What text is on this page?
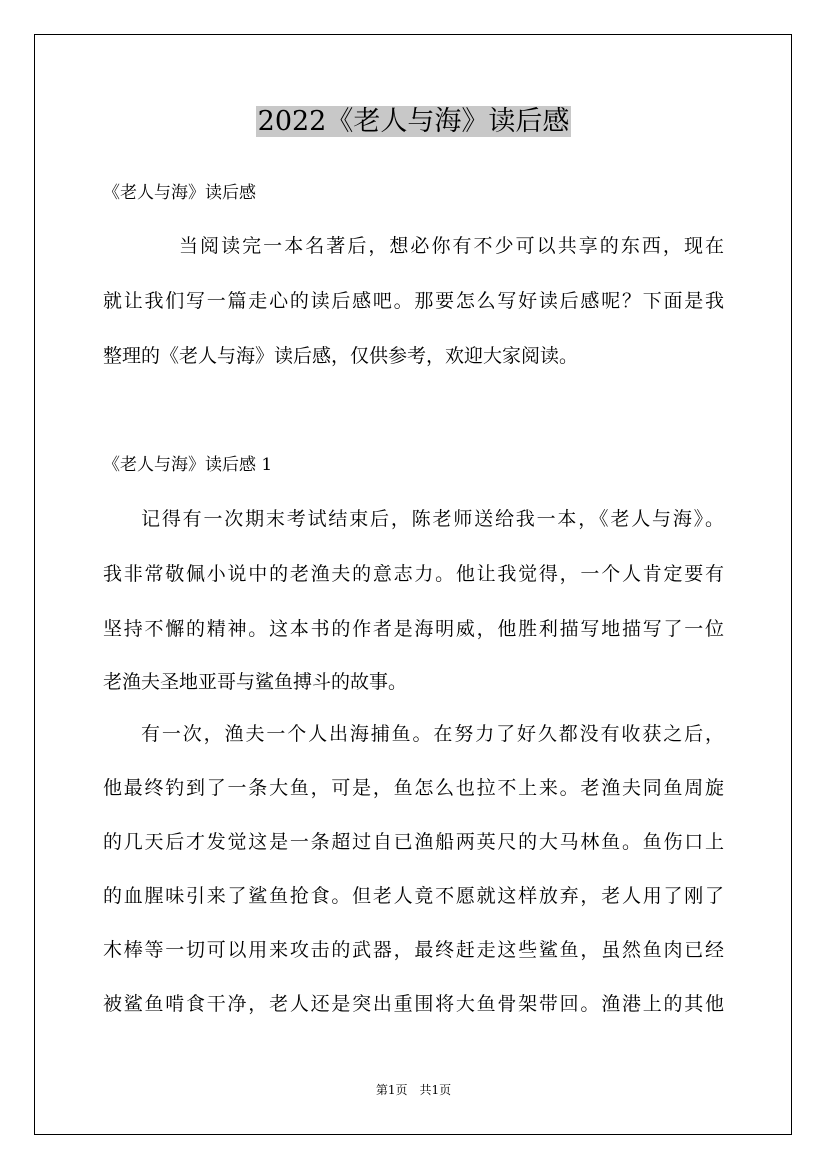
2022《老人与海》读后感
《老人与海》读后感
当阅读完一本名著后，想必你有不少可以共享的东西，现在
就让我们写一篇走心的读后感吧。那要怎么写好读后感呢？下面是我
整理的《老人与海》读后感，仅供参考，欢迎大家阅读。
《老人与海》读后感 1
记得有一次期末考试结束后，陈老师送给我一本，《老人与海》。
我非常敬佩小说中的老渔夫的意志力。他让我觉得，一个人肯定要有
坚持不懈的精神。这本书的作者是海明威，他胜利描写地描写了一位
老渔夫圣地亚哥与鲨鱼搏斗的故事。
有一次，渔夫一个人出海捕鱼。在努力了好久都没有收获之后，
他最终钓到了一条大鱼，可是，鱼怎么也拉不上来。老渔夫同鱼周旋
的几天后才发觉这是一条超过自已渔船两英尺的大马林鱼。鱼伤口上
的血腥味引来了鲨鱼抢食。但老人竟不愿就这样放弃，老人用了刚了
木棒等一切可以用来攻击的武器，最终赶走这些鲨鱼，虽然鱼肉已经
被鲨鱼啃食干净，老人还是突出重围将大鱼骨架带回。渔港上的其他
第1页　共1页
